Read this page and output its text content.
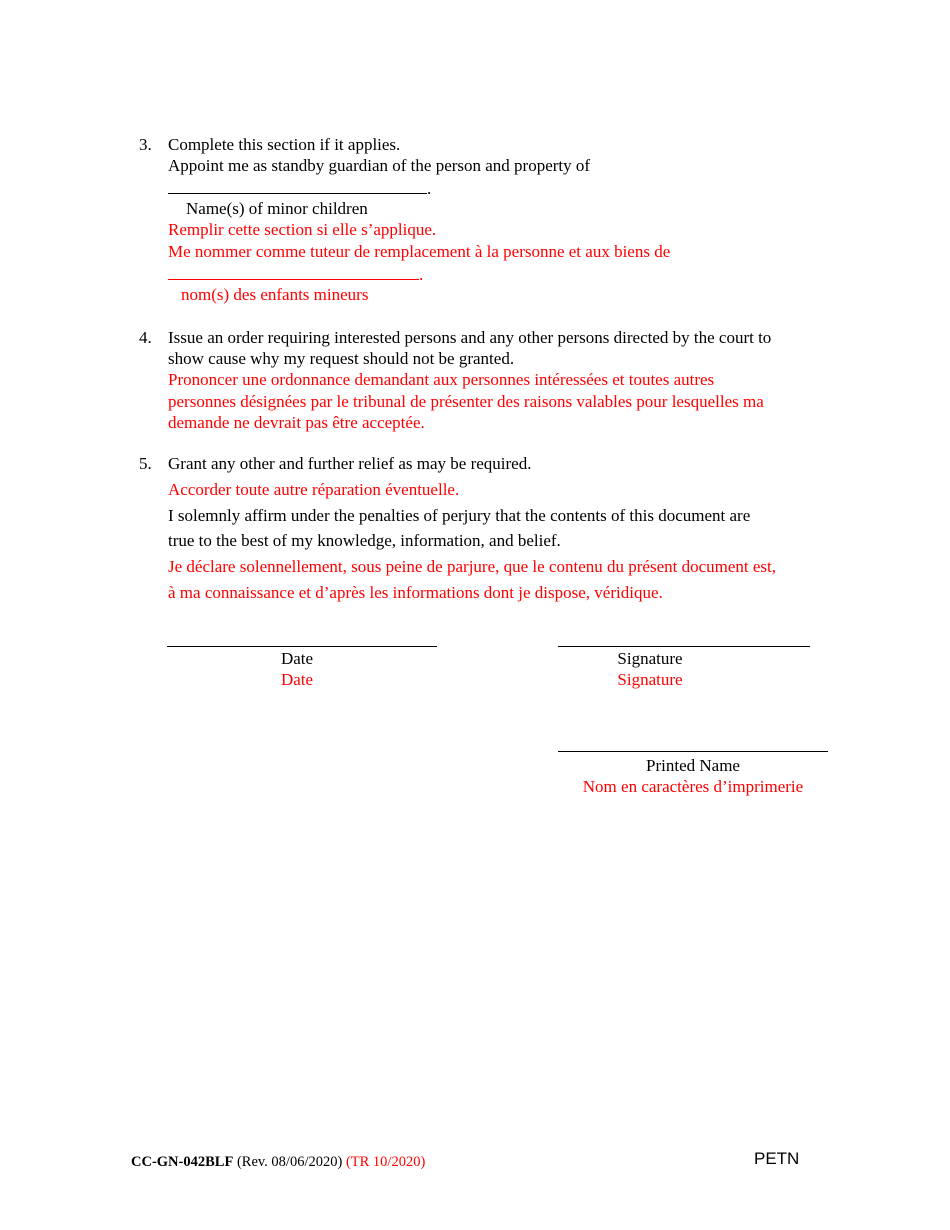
3. Complete this section if it applies.
Appoint me as standby guardian of the person and property of
.
Name(s) of minor children
Remplir cette section si elle s’applique.
Me nommer comme tuteur de remplacement à la personne et aux biens de
.
nom(s) des enfants mineurs
4. Issue an order requiring interested persons and any other persons directed by the court to
show cause why my request should not be granted.
Prononcer une ordonnance demandant aux personnes intéressées et toutes autres
personnes désignées par le tribunal de présenter des raisons valables pour lesquelles ma
demande ne devrait pas être acceptée.
5. Grant any other and further relief as may be required.
Accorder toute autre réparation éventuelle.
I solemnly affirm under the penalties of perjury that the contents of this document are
true to the best of my knowledge, information, and belief.
Je déclare solennellement, sous peine de parjure, que le contenu du présent document est,
à ma connaissance et d’après les informations dont je dispose, véridique.
Date
Date
Signature
Signature
Printed Name
Nom en caractères d’imprimerie
CC-GN-042BLF (Rev. 08/06/2020) (TR 10/2020)	PETN
